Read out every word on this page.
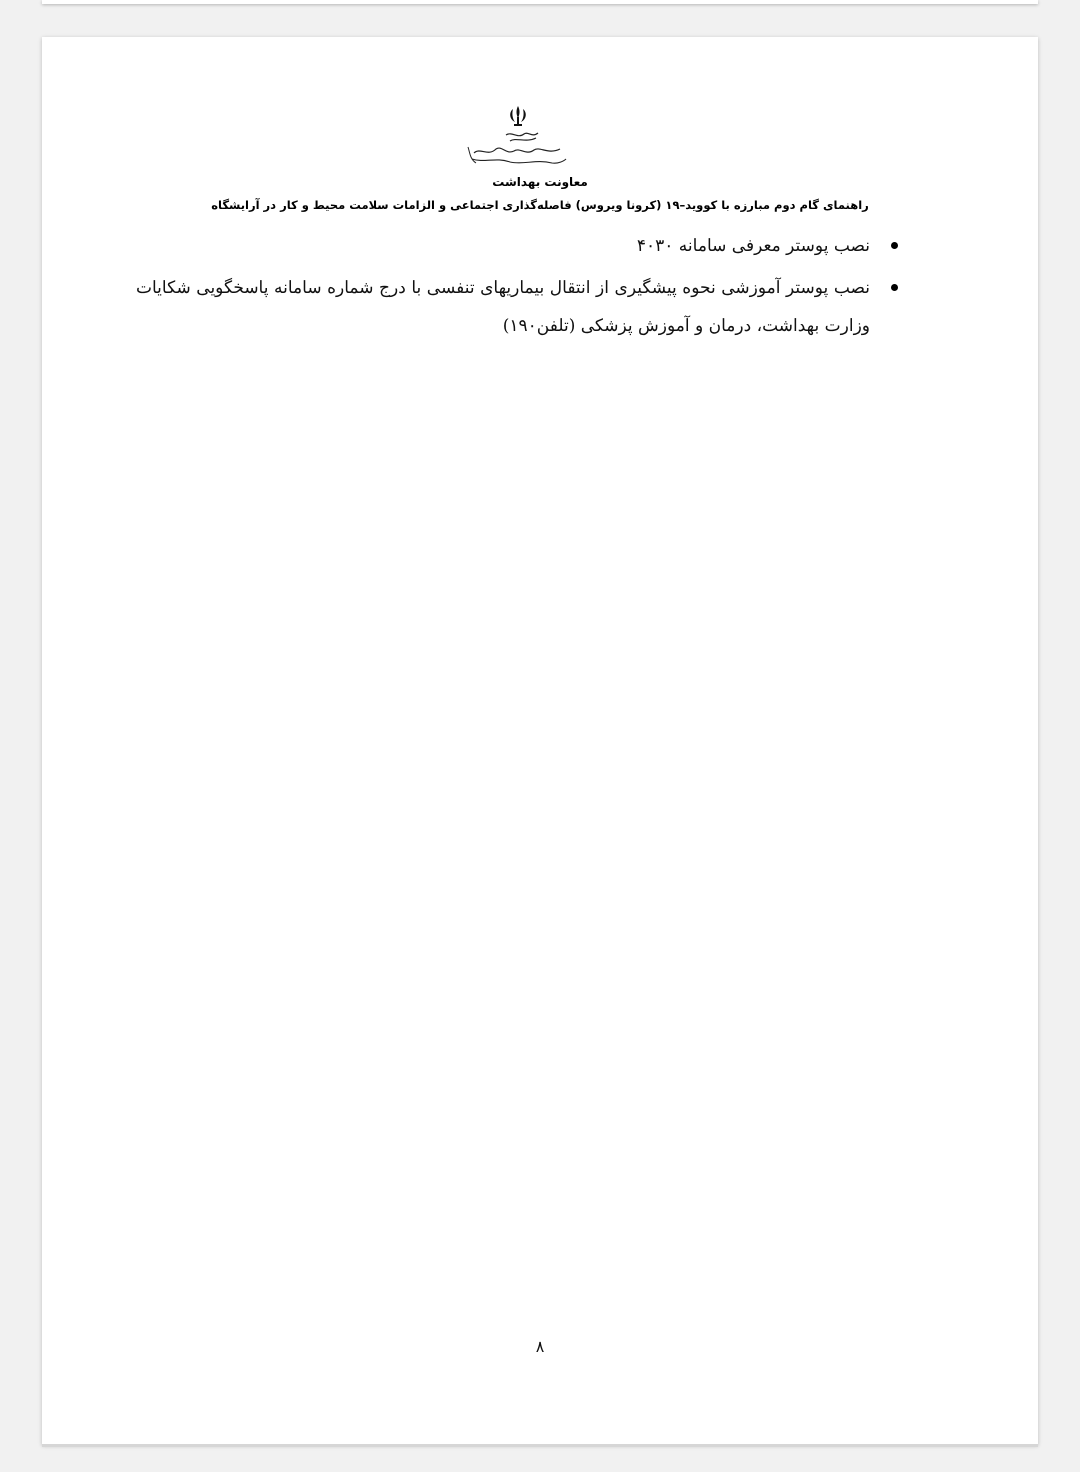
معاونت بهداشت
راهنمای گام دوم مبارزه با کووید–۱۹ (کرونا ویروس) فاصله‌گذاری اجتماعی و الزامات سلامت محیط و کار در آرایشگاه
نصب پوستر معرفی سامانه ۴۰۳۰
نصب پوستر آموزشی نحوه پیشگیری از انتقال بیماریهای تنفسی با درج شماره سامانه پاسخگویی شکایات وزارت بهداشت، درمان و آموزش پزشکی (تلفن۱۹۰)
۸
